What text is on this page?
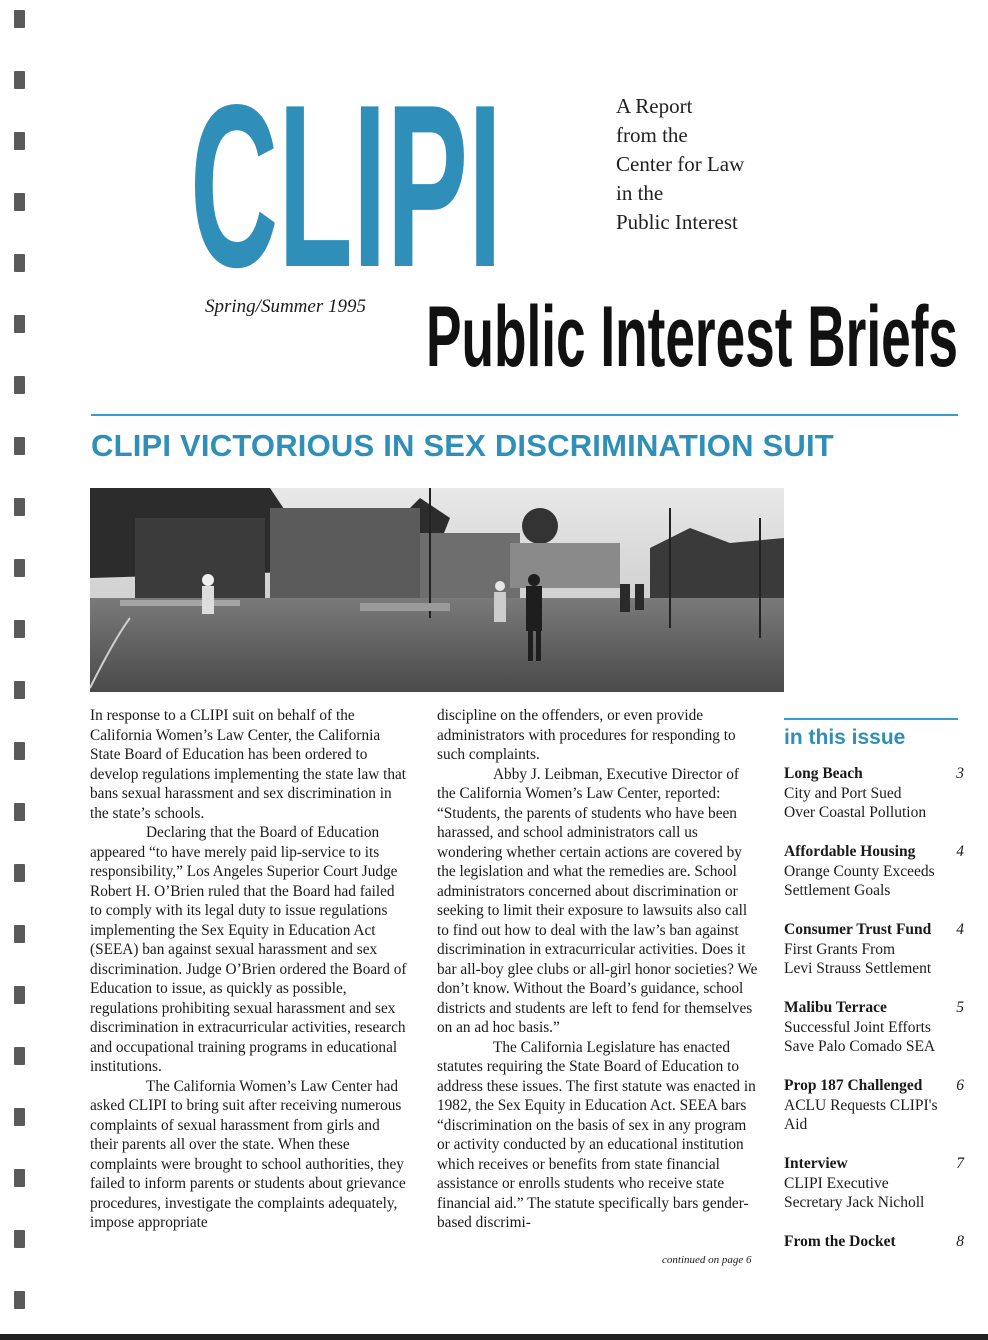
CLIPI	A Report
from the
Center for Law
in the
Public Interest
Spring/Summer 1995 Public Interest Briefs
CLIPI VICTORIOUS IN SEX DISCRIMINATION SUIT

In response to a CLIPI suit on behalf of the California Women’s Law Center, the California State Board of Education has been ordered to develop regulations implementing the state law that bans sexual harassment and sex discrimination in the state’s schools.

Declaring that the Board of Education appeared “to have merely paid lip-service to its responsibility,” Los Angeles Superior Court Judge Robert H. O’Brien ruled that the Board had failed to comply with its legal duty to issue regulations implementing the Sex Equity in Education Act (SEEA) ban against sexual harassment and sex discrimination. Judge O’Brien ordered the Board of Education to issue, as quickly as possible, regulations prohibiting sexual harassment and sex discrimination in extracurricular activities, research and occupational training programs in educational institutions.

The California Women’s Law Center had asked CLIPI to bring suit after receiving numerous complaints of sexual harassment from girls and their parents all over the state. When these complaints were brought to school authorities, they failed to inform parents or students about grievance procedures, investigate the complaints adequately, impose appropriate

discipline on the offenders, or even provide administrators with procedures for responding to such complaints.

Abby J. Leibman, Executive Director of the California Women’s Law Center, reported: “Students, the parents of students who have been harassed, and school administrators call us wondering whether certain actions are covered by the legislation and what the remedies are. School administrators concerned about discrimination or seeking to limit their exposure to lawsuits also call to find out how to deal with the law’s ban against discrimination in extracurricular activities. Does it bar all-boy glee clubs or all-girl honor societies? We don’t know. Without the Board’s guidance, school districts and students are left to fend for themselves on an ad hoc basis.”

The California Legislature has enacted statutes requiring the State Board of Education to address these issues. The first statute was enacted in 1982, the Sex Equity in Education Act. SEEA bars “discrimination on the basis of sex in any program or activity conducted by an educational institution which receives or benefits from state financial assistance or enrolls students who receive state financial aid.” The statute specifically bars gender-based discrimi-

continued on page 6
in this issue
Long Beach	3
City and Port Sued
Over Coastal Pollution
Affordable Housing	4
Orange County Exceeds
Settlement Goals
Consumer Trust Fund	4
First Grants From
Levi Strauss Settlement
Malibu Terrace	5
Successful Joint Efforts
Save Palo Comado SEA
Prop 187 Challenged	6
ACLU Requests CLIPI's
Aid
Interview	7
CLIPI Executive
Secretary Jack Nicholl
From the Docket	8
